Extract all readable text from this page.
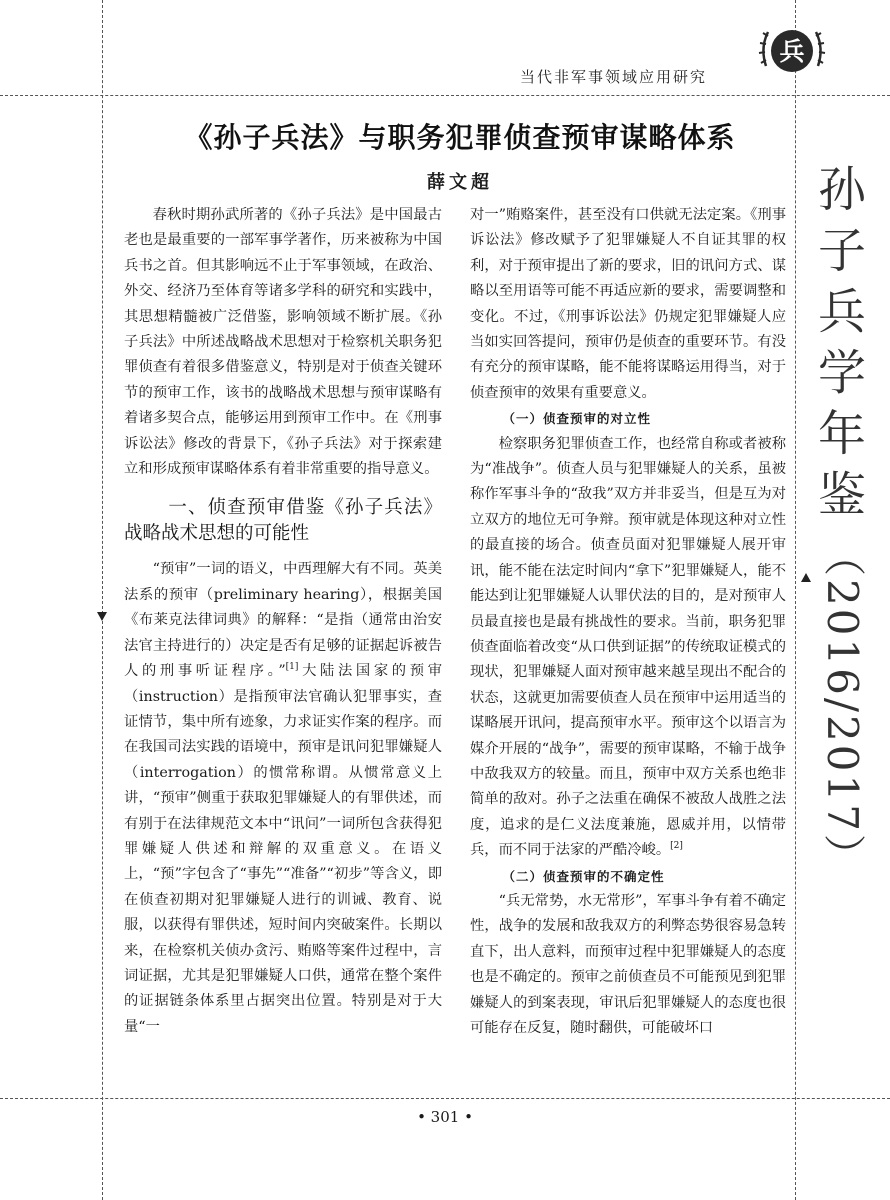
当代非军事领域应用研究
兵
孙
子
兵
学
年
鉴
（2016/2017）
《孙子兵法》与职务犯罪侦查预审谋略体系
薛文超

春秋时期孙武所著的《孙子兵法》是中国最古老也是最重要的一部军事学著作，历来被称为中国兵书之首。但其影响远不止于军事领域，在政治、外交、经济乃至体育等诸多学科的研究和实践中，其思想精髓被广泛借鉴，影响领域不断扩展。《孙子兵法》中所述战略战术思想对于检察机关职务犯罪侦查有着很多借鉴意义，特别是对于侦查关键环节的预审工作，该书的战略战术思想与预审谋略有着诸多契合点，能够运用到预审工作中。在《刑事诉讼法》修改的背景下，《孙子兵法》对于探索建立和形成预审谋略体系有着非常重要的指导意义。

一、侦查预审借鉴《孙子兵法》战略战术思想的可能性

“预审”一词的语义，中西理解大有不同。英美法系的预审（preliminary hearing），根据美国《布莱克法律词典》的解释：“是指（通常由治安法官主持进行的）决定是否有足够的证据起诉被告人的刑事听证程序。”[1]大陆法国家的预审（instruction）是指预审法官确认犯罪事实，查证情节，集中所有迹象，力求证实作案的程序。而在我国司法实践的语境中，预审是讯问犯罪嫌疑人（interrogation）的惯常称谓。从惯常意义上讲，“预审”侧重于获取犯罪嫌疑人的有罪供述，而有别于在法律规范文本中“讯问”一词所包含获得犯罪嫌疑人供述和辩解的双重意义。在语义上，“预”字包含了“事先”“准备”“初步”等含义，即在侦查初期对犯罪嫌疑人进行的训诫、教育、说服，以获得有罪供述，短时间内突破案件。长期以来，在检察机关侦办贪污、贿赂等案件过程中，言词证据，尤其是犯罪嫌疑人口供，通常在整个案件的证据链条体系里占据突出位置。特别是对于大量“一

对一”贿赂案件，甚至没有口供就无法定案。《刑事诉讼法》修改赋予了犯罪嫌疑人不自证其罪的权利，对于预审提出了新的要求，旧的讯问方式、谋略以至用语等可能不再适应新的要求，需要调整和变化。不过，《刑事诉讼法》仍规定犯罪嫌疑人应当如实回答提问，预审仍是侦查的重要环节。有没有充分的预审谋略，能不能将谋略运用得当，对于侦查预审的效果有重要意义。

（一）侦查预审的对立性

检察职务犯罪侦查工作，也经常自称或者被称为“准战争”。侦查人员与犯罪嫌疑人的关系，虽被称作军事斗争的“敌我”双方并非妥当，但是互为对立双方的地位无可争辩。预审就是体现这种对立性的最直接的场合。侦查员面对犯罪嫌疑人展开审讯，能不能在法定时间内“拿下”犯罪嫌疑人，能不能达到让犯罪嫌疑人认罪伏法的目的，是对预审人员最直接也是最有挑战性的要求。当前，职务犯罪侦查面临着改变“从口供到证据”的传统取证模式的现状，犯罪嫌疑人面对预审越来越呈现出不配合的状态，这就更加需要侦查人员在预审中运用适当的谋略展开讯问，提高预审水平。预审这个以语言为媒介开展的“战争”，需要的预审谋略，不输于战争中敌我双方的较量。而且，预审中双方关系也绝非简单的敌对。孙子之法重在确保不被敌人战胜之法度，追求的是仁义法度兼施，恩威并用，以情带兵，而不同于法家的严酷冷峻。[2]

（二）侦查预审的不确定性

“兵无常势，水无常形”，军事斗争有着不确定性，战争的发展和敌我双方的利弊态势很容易急转直下，出人意料，而预审过程中犯罪嫌疑人的态度也是不确定的。预审之前侦查员不可能预见到犯罪嫌疑人的到案表现，审讯后犯罪嫌疑人的态度也很可能存在反复，随时翻供，可能破坏口

• 301 •
